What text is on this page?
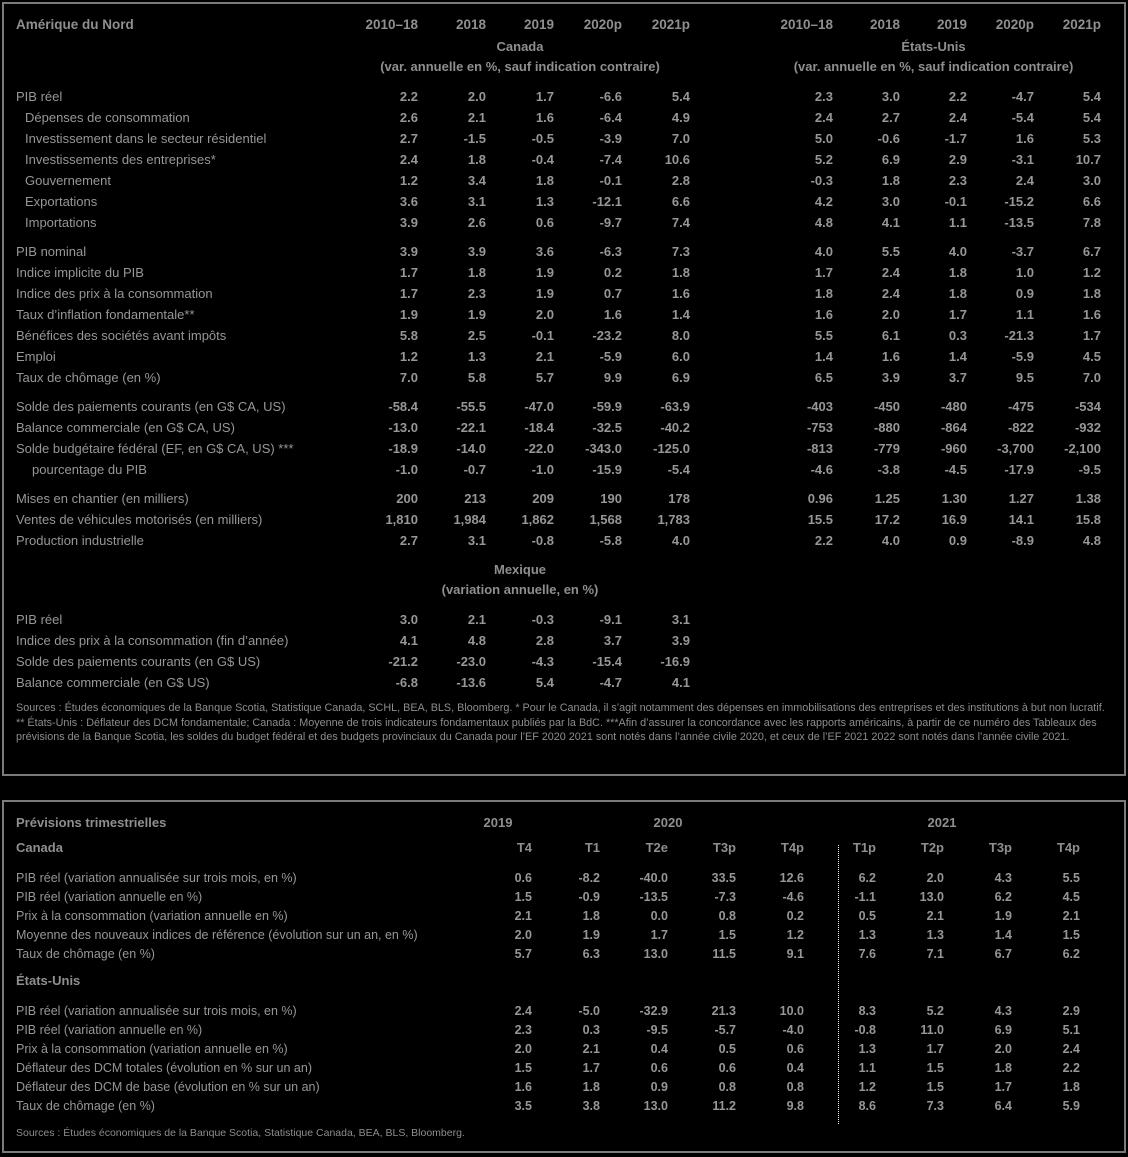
Amérique du Nord	2010–18	2018	2019	2020p	2021p	2010–18	2018	2019	2020p	2021p
Canada	États-Unis
(var. annuelle en %, sauf indication contraire)	(var. annuelle en %, sauf indication contraire)
PIB réel	2.2	2.0	1.7	-6.6	5.4	2.3	3.0	2.2	-4.7	5.4
Dépenses de consommation	2.6	2.1	1.6	-6.4	4.9	2.4	2.7	2.4	-5.4	5.4
Investissement dans le secteur résidentiel	2.7	-1.5	-0.5	-3.9	7.0	5.0	-0.6	-1.7	1.6	5.3
Investissements des entreprises*	2.4	1.8	-0.4	-7.4	10.6	5.2	6.9	2.9	-3.1	10.7
Gouvernement	1.2	3.4	1.8	-0.1	2.8	-0.3	1.8	2.3	2.4	3.0
Exportations	3.6	3.1	1.3	-12.1	6.6	4.2	3.0	-0.1	-15.2	6.6
Importations	3.9	2.6	0.6	-9.7	7.4	4.8	4.1	1.1	-13.5	7.8
PIB nominal	3.9	3.9	3.6	-6.3	7.3	4.0	5.5	4.0	-3.7	6.7
Indice implicite du PIB	1.7	1.8	1.9	0.2	1.8	1.7	2.4	1.8	1.0	1.2
Indice des prix à la consommation	1.7	2.3	1.9	0.7	1.6	1.8	2.4	1.8	0.9	1.8
Taux d’inflation fondamentale**	1.9	1.9	2.0	1.6	1.4	1.6	2.0	1.7	1.1	1.6
Bénéfices des sociétés avant impôts	5.8	2.5	-0.1	-23.2	8.0	5.5	6.1	0.3	-21.3	1.7
Emploi	1.2	1.3	2.1	-5.9	6.0	1.4	1.6	1.4	-5.9	4.5
Taux de chômage (en %)	7.0	5.8	5.7	9.9	6.9	6.5	3.9	3.7	9.5	7.0
Solde des paiements courants (en G$ CA, US)	-58.4	-55.5	-47.0	-59.9	-63.9	-403	-450	-480	-475	-534
Balance commerciale (en G$ CA, US)	-13.0	-22.1	-18.4	-32.5	-40.2	-753	-880	-864	-822	-932
Solde budgétaire fédéral (EF, en G$ CA, US) ***	-18.9	-14.0	-22.0	-343.0	-125.0	-813	-779	-960	-3,700	-2,100
pourcentage du PIB	-1.0	-0.7	-1.0	-15.9	-5.4	-4.6	-3.8	-4.5	-17.9	-9.5
Mises en chantier (en milliers)	200	213	209	190	178	0.96	1.25	1.30	1.27	1.38
Ventes de véhicules motorisés (en milliers)	1,810	1,984	1,862	1,568	1,783	15.5	17.2	16.9	14.1	15.8
Production industrielle	2.7	3.1	-0.8	-5.8	4.0	2.2	4.0	0.9	-8.9	4.8
Mexique
(variation annuelle, en %)
PIB réel	3.0	2.1	-0.3	-9.1	3.1
Indice des prix à la consommation (fin d’année)	4.1	4.8	2.8	3.7	3.9
Solde des paiements courants (en G$ US)	-21.2	-23.0	-4.3	-15.4	-16.9
Balance commerciale (en G$ US)	-6.8	-13.6	5.4	-4.7	4.1
Sources : Études économiques de la Banque Scotia, Statistique Canada, SCHL, BEA, BLS, Bloomberg. * Pour le Canada, il s’agit notamment des dépenses en immobilisations des entreprises et des institutions à but non lucratif. ** États-Unis : Déflateur des DCM fondamentale; Canada : Moyenne de trois indicateurs fondamentaux publiés par la BdC. ***Afin d’assurer la concordance avec les rapports américains, à partir de ce numéro des Tableaux des prévisions de la Banque Scotia, les soldes du budget fédéral et des budgets provinciaux du Canada pour l’EF 2020 2021 sont notés dans l’année civile 2020, et ceux de l’EF 2021 2022 sont notés dans l’année civile 2021.
Prévisions trimestrielles	2019	2020	2021
Canada	T4	T1	T2e	T3p	T4p	T1p	T2p	T3p	T4p
PIB réel (variation annualisée sur trois mois, en %)	0.6	-8.2	-40.0	33.5	12.6	6.2	2.0	4.3	5.5
PIB réel (variation annuelle en %)	1.5	-0.9	-13.5	-7.3	-4.6	-1.1	13.0	6.2	4.5
Prix à la consommation (variation annuelle en %)	2.1	1.8	0.0	0.8	0.2	0.5	2.1	1.9	2.1
Moyenne des nouveaux indices de référence (évolution sur un an, en %)	2.0	1.9	1.7	1.5	1.2	1.3	1.3	1.4	1.5
Taux de chômage (en %)	5.7	6.3	13.0	11.5	9.1	7.6	7.1	6.7	6.2
États-Unis
PIB réel (variation annualisée sur trois mois, en %)	2.4	-5.0	-32.9	21.3	10.0	8.3	5.2	4.3	2.9
PIB réel (variation annuelle en %)	2.3	0.3	-9.5	-5.7	-4.0	-0.8	11.0	6.9	5.1
Prix à la consommation (variation annuelle en %)	2.0	2.1	0.4	0.5	0.6	1.3	1.7	2.0	2.4
Déflateur des DCM totales (évolution en % sur un an)	1.5	1.7	0.6	0.6	0.4	1.1	1.5	1.8	2.2
Déflateur des DCM de base (évolution en % sur un an)	1.6	1.8	0.9	0.8	0.8	1.2	1.5	1.7	1.8
Taux de chômage (en %)	3.5	3.8	13.0	11.2	9.8	8.6	7.3	6.4	5.9
Sources : Études économiques de la Banque Scotia, Statistique Canada, BEA, BLS, Bloomberg.
